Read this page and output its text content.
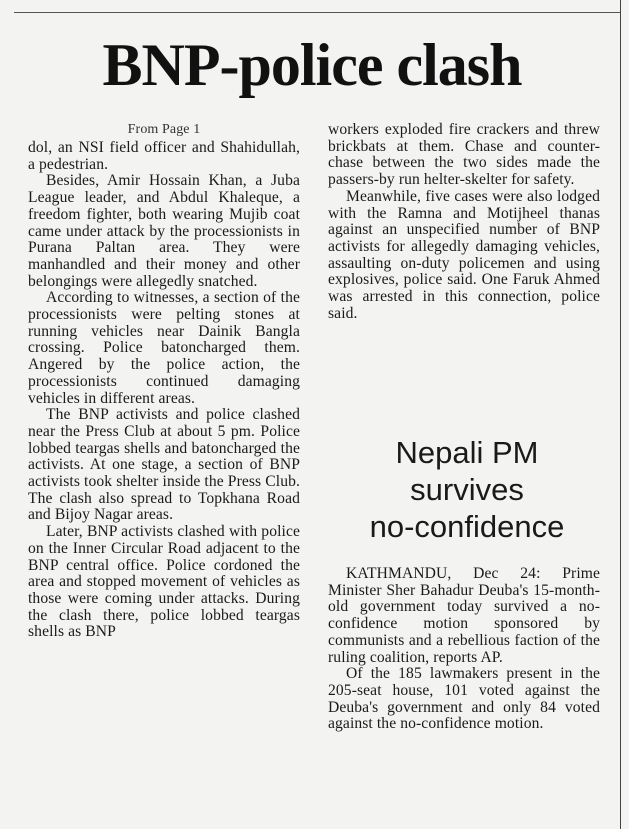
BNP-police clash
From Page 1

dol, an NSI field officer and Shahidullah, a pedestrian.

Besides, Amir Hossain Khan, a Juba League leader, and Abdul Khaleque, a freedom fighter, both wearing Mujib coat came under attack by the processionists in Purana Paltan area. They were manhandled and their money and other belongings were allegedly snatched.

According to witnesses, a section of the processionists were pelting stones at running vehicles near Dainik Bangla crossing. Police batoncharged them. Angered by the police action, the processionists continued damaging vehicles in different areas.

The BNP activists and police clashed near the Press Club at about 5 pm. Police lobbed teargas shells and batoncharged the activists. At one stage, a section of BNP activists took shelter inside the Press Club. The clash also spread to Topkhana Road and Bijoy Nagar areas.

Later, BNP activists clashed with police on the Inner Circular Road adjacent to the BNP central office. Police cordoned the area and stopped movement of vehicles as those were coming under attacks. During the clash there, police lobbed teargas shells as BNP

workers exploded fire crackers and threw brickbats at them. Chase and counter-chase between the two sides made the passers-by run helter-skelter for safety.

Meanwhile, five cases were also lodged with the Ramna and Motijheel thanas against an unspecified number of BNP activists for allegedly damaging vehicles, assaulting on-duty policemen and using explosives, police said. One Faruk Ahmed was arrested in this connection, police said.

Nepali PM
survives
no-confidence

KATHMANDU, Dec 24: Prime Minister Sher Bahadur Deuba's 15-month-old government today survived a no-confidence motion sponsored by communists and a rebellious faction of the ruling coalition, reports AP.

Of the 185 lawmakers present in the 205-seat house, 101 voted against the Deuba's government and only 84 voted against the no-confidence motion.
